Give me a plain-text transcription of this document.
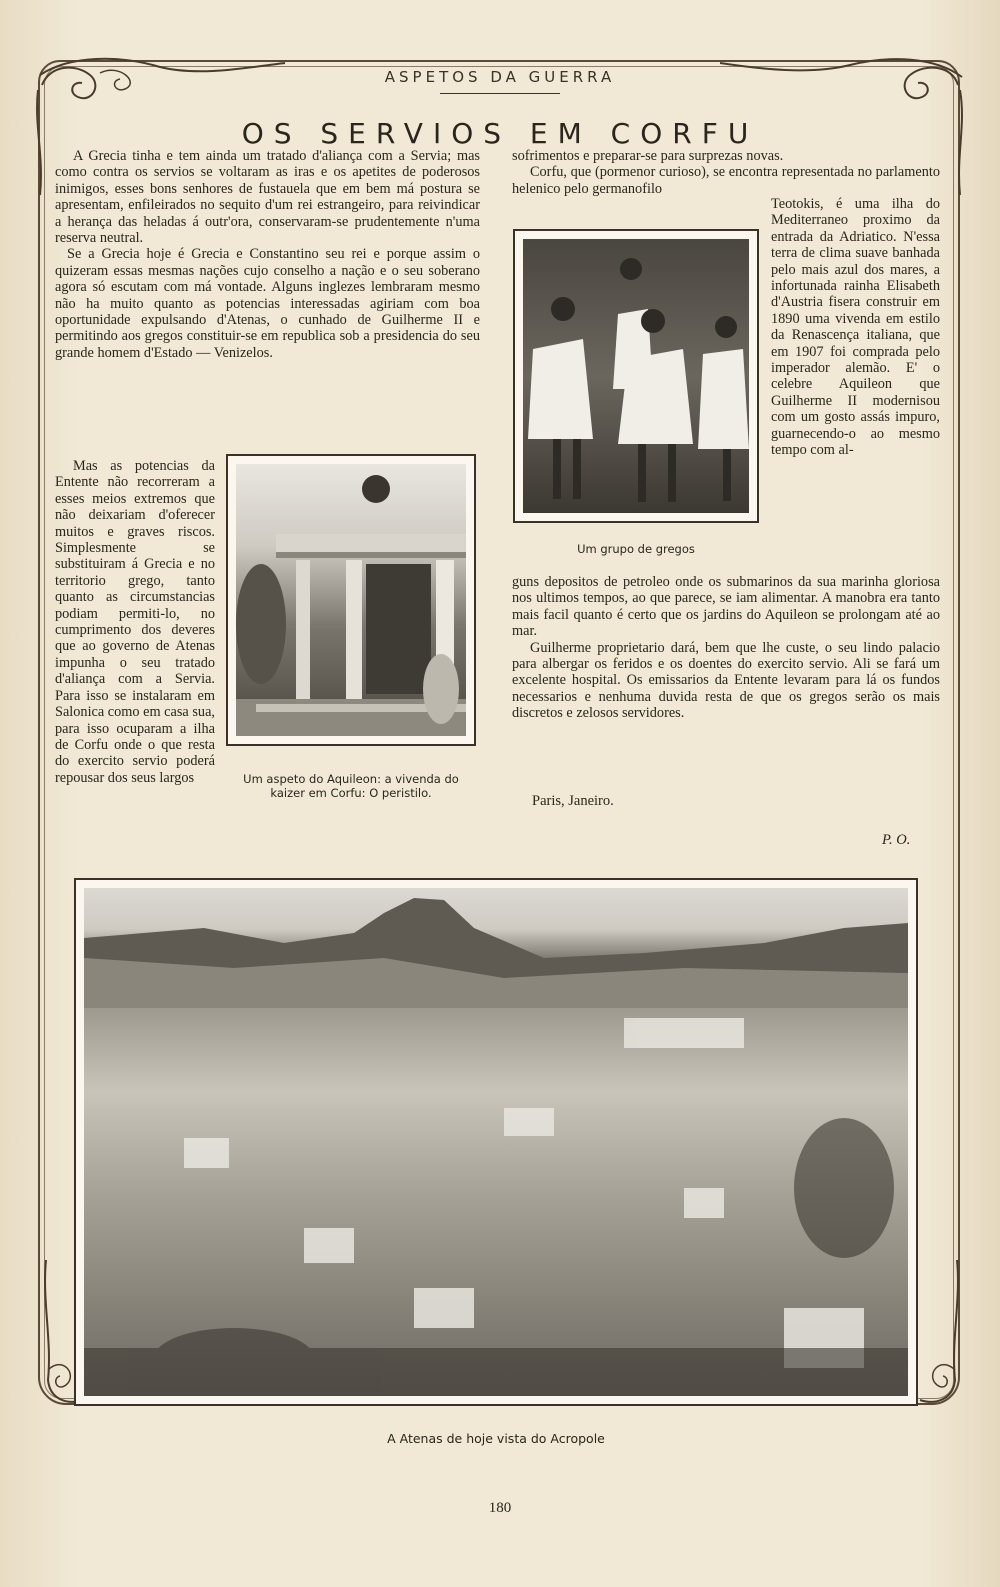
ASPETOS DA GUERRA
OS SERVIOS EM CORFU

A Grecia tinha e tem ainda um tratado d'aliança com a Servia; mas como contra os servios se voltaram as iras e os apetites de poderosos inimigos, esses bons senhores de fustauela que em bem má postura se apresentam, enfileirados no sequito d'um rei estrangeiro, para reivindicar a herança das heladas á outr'ora, conservaram-se prudentemente n'uma reserva neutral.

Se a Grecia hoje é Grecia e Constantino seu rei e porque assim o quizeram essas mesmas nações cujo conselho a nação e o seu soberano agora só escutam com má vontade. Alguns inglezes lembraram mesmo não ha muito quanto as potencias interessadas agiriam com boa oportunidade expulsando d'Atenas, o cunhado de Guilherme II e permitindo aos gregos constituir-se em republica sob a presidencia do seu grande homem d'Estado — Venizelos.

Mas as potencias da Entente não recorreram a esses meios extremos que não deixariam d'oferecer muitos e graves riscos. Simplesmente se substituiram á Grecia e no territorio grego, tanto quanto as circumstancias podiam permiti-lo, no cumprimento dos deveres que ao governo de Atenas impunha o seu tratado d'aliança com a Servia. Para isso se instalaram em Salonica como em casa sua, para isso ocuparam a ilha de Corfu onde o que resta do exercito servio poderá repousar dos seus largos	Um aspeto do Aquileon: a vivenda do kaizer em Corfu: O peristilo.

sofrimentos e preparar-se para surprezas novas.

Corfu, que (pormenor curioso), se encontra representada no parlamento helenico pelo germanofilo

Um grupo de gregos

Teotokis, é uma ilha do Mediterraneo proximo da entrada da Adriatico. N'essa terra de clima suave banhada pelo mais azul dos mares, a infortunada rainha Elisabeth d'Austria fisera construir em 1890 uma vivenda em estilo da Renascença italiana, que em 1907 foi comprada pelo imperador alemão. E' o celebre Aquileon que Guilherme II modernisou com um gosto assás impuro, guarnecendo-o ao mesmo tempo com al-

guns depositos de petroleo onde os submarinos da sua marinha gloriosa nos ultimos tempos, ao que parece, se iam alimentar. A manobra era tanto mais facil quanto é certo que os jardins do Aquileon se prolongam até ao mar.

Guilherme proprietario dará, bem que lhe custe, o seu lindo palacio para albergar os feridos e os doentes do exercito servio. Ali se fará um excelente hospital. Os emissarios da Entente levaram para lá os fundos necessarios e nenhuma duvida resta de que os gregos serão os mais discretos e zelosos servidores.

Paris, Janeiro.
P. O.
A Atenas de hoje vista do Acropole
180
